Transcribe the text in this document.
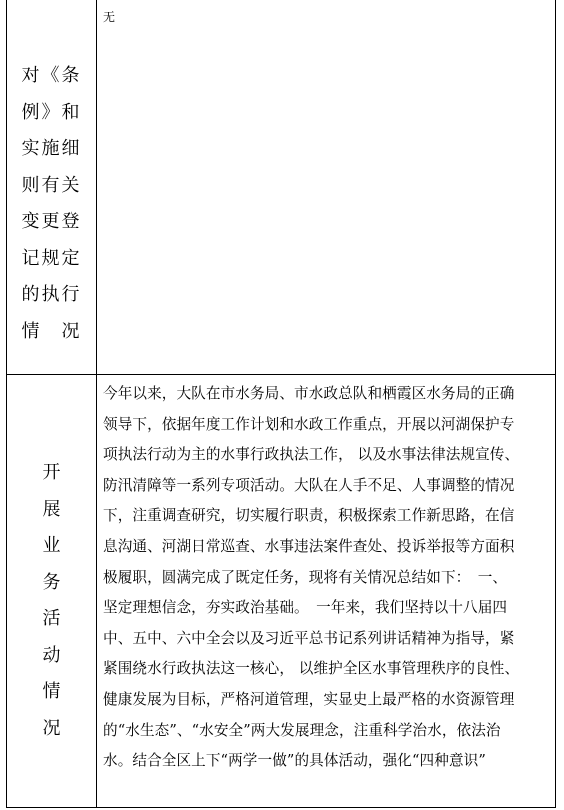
对《条
例》和
实施细
则有关
变更登
记规定
的执行
情　况
无
开
展
业
务
活
动
情
况

今年以来，大队在市水务局、市水政总队和栖霞区水务局的正确
领导下，依据年度工作计划和水政工作重点，开展以河湖保护专
项执法行动为主的水事行政执法工作， 以及水事法律法规宣传、
防汛清障等一系列专项活动。大队在人手不足、人事调整的情况
下，注重调查研究，切实履行职责，积极探索工作新思路，在信
息沟通、河湖日常巡查、水事违法案件查处、投诉举报等方面积
极履职，圆满完成了既定任务，现将有关情况总结如下：　一、
坚定理想信念，夯实政治基础。　一年来，我们坚持以十八届四
中、五中、六中全会以及习近平总书记系列讲话精神为指导，紧
紧围绕水行政执法这一核心， 以维护全区水事管理秩序的良性、
健康发展为目标，严格河道管理，实显史上最严格的水资源管理
的“水生态”、“水安全”两大发展理念，注重科学治水，依法治
水。结合全区上下“两学一做”的具体活动，强化“四种意识”
